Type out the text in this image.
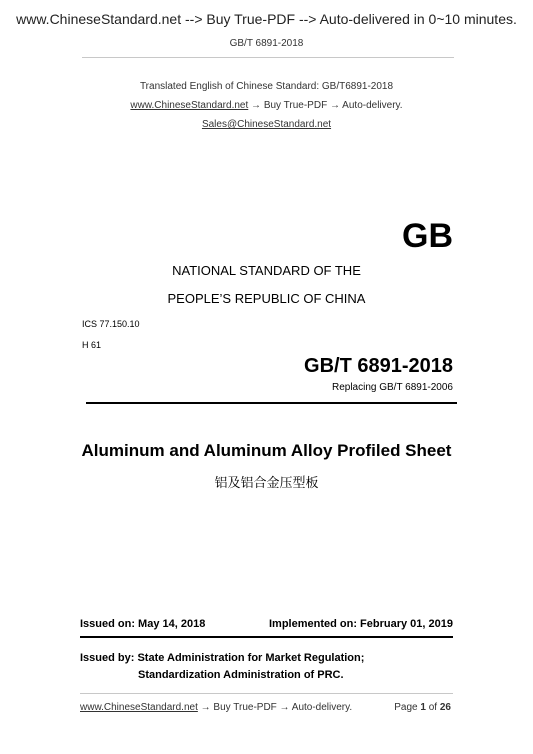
www.ChineseStandard.net --> Buy True-PDF --> Auto-delivered in 0~10 minutes.
GB/T 6891-2018
Translated English of Chinese Standard: GB/T6891-2018
www.ChineseStandard.net → Buy True-PDF → Auto-delivery.
Sales@ChineseStandard.net
GB
NATIONAL STANDARD OF THE
PEOPLE’S REPUBLIC OF CHINA
ICS 77.150.10
H 61
GB/T 6891-2018
Replacing GB/T 6891-2006
Aluminum and Aluminum Alloy Profiled Sheet
铝及铝合金压型板
Issued on: May 14, 2018	Implemented on: February 01, 2019
Issued by: State Administration for Market Regulation;
Standardization Administration of PRC.
www.ChineseStandard.net → Buy True-PDF → Auto-delivery.	Page 1 of 26
